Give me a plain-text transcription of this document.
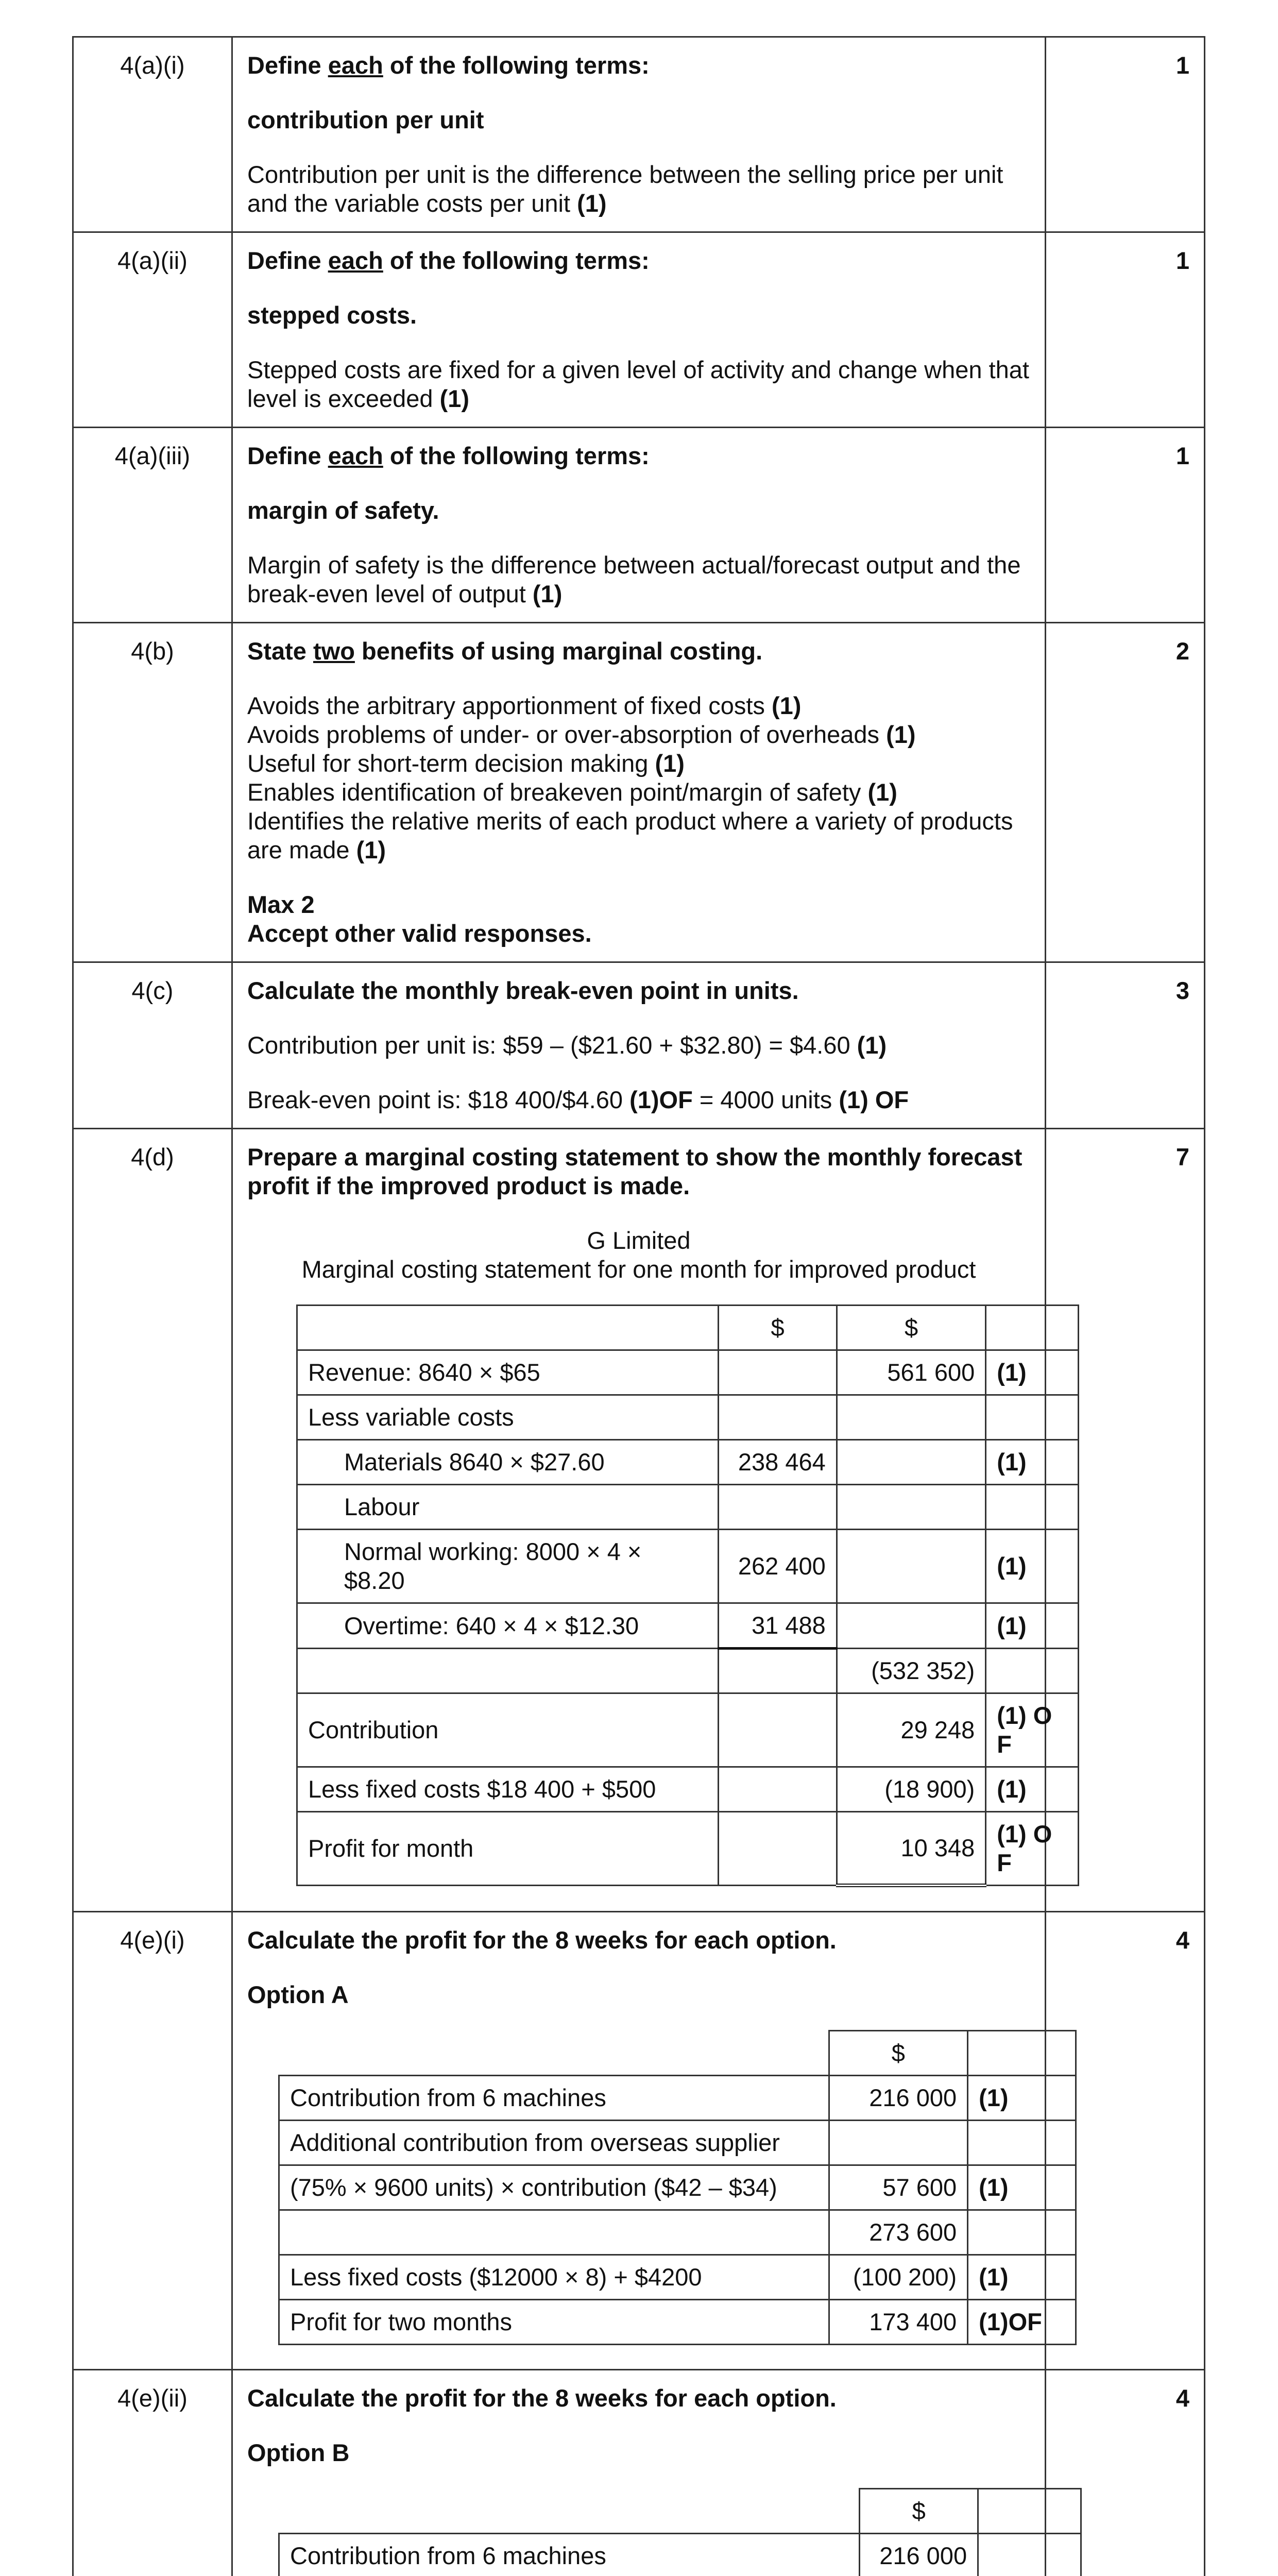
4(a)(i)	Define each of the following terms:

contribution per unit

Contribution per unit is the difference between the selling price per unit and the variable costs per unit (1)

	1
4(a)(ii)	Define each of the following terms:

stepped costs.

Stepped costs are fixed for a given level of activity and change when that level is exceeded (1)

	1
4(a)(iii)	Define each of the following terms:

margin of safety.

Margin of safety is the difference between actual/forecast output and the break-even level of output (1)

	1
4(b)	State two benefits of using marginal costing.

Avoids the arbitrary apportionment of fixed costs (1)

Avoids problems of under- or over-absorption of overheads (1)

Useful for short-term decision making (1)

Enables identification of breakeven point/margin of safety (1)

Identifies the relative merits of each product where a variety of products are made (1)

Max 2

Accept other valid responses.

	2
4(c)	Calculate the monthly break-even point in units.

Contribution per unit is: $59 – ($21.60 + $32.80) = $4.60 (1)

Break-even point is: $18 400/$4.60 (1)OF = 4000 units (1) OF

	3
4(d)	Prepare a marginal costing statement to show the monthly forecast profit if the improved product is made.

G Limited

Marginal costing statement for one month for improved product

	$	$	
Revenue: 8640 × $65		561 600	(1)
Less variable costs			
Materials 8640 × $27.60	238 464		(1)
Labour			
Normal working: 8000 × 4 × $8.20	262 400		(1)
Overtime: 640 × 4 × $12.30	31 488		(1)
		(532 352)	
Contribution		29 248	(1) O F
Less fixed costs $18 400 + $500		(18 900)	(1)
Profit for month		10 348	(1) O F
	7
4(e)(i)	Calculate the profit for the 8 weeks for each option.

Option A

	$	
Contribution from 6 machines	216 000	(1)
Additional contribution from overseas supplier		
(75% × 9600 units) × contribution ($42 – $34)	57 600	(1)
	273 600	
Less fixed costs ($12000 × 8) + $4200	(100 200)	(1)
Profit for two months	173 400	(1)OF
	4
4(e)(ii)	Calculate the profit for the 8 weeks for each option.

Option B

	$	
Contribution from 6 machines	216 000	

	4
